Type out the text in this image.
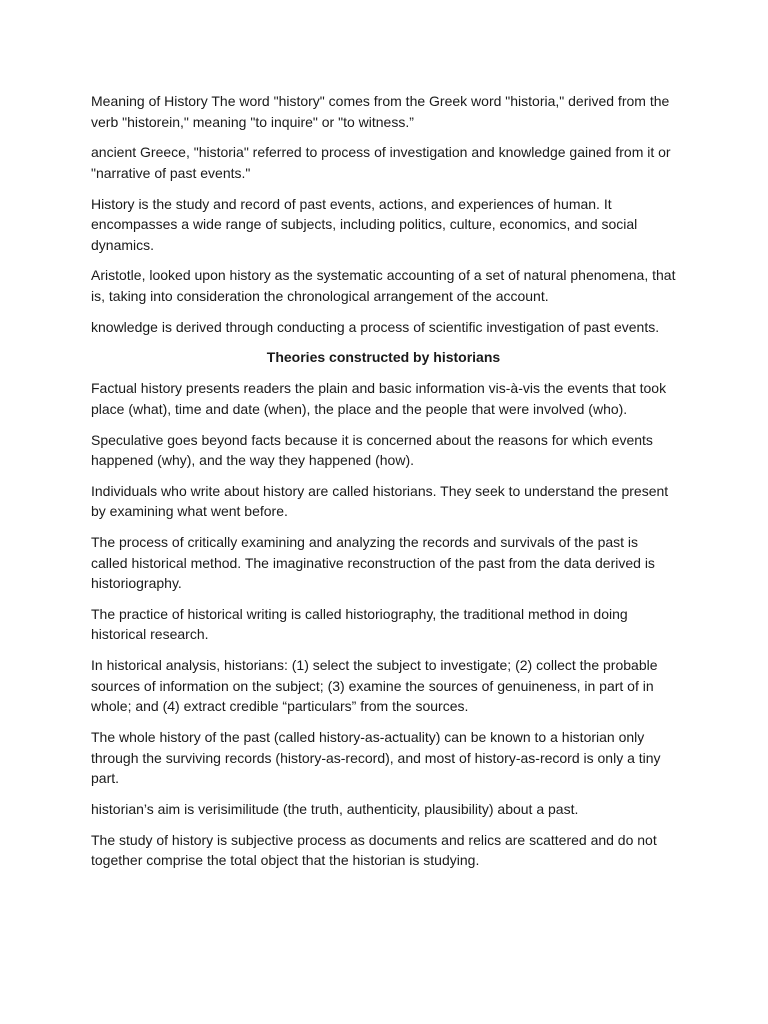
Meaning of History The word "history" comes from the Greek word "historia," derived from the verb "historein," meaning "to inquire" or "to witness.”

ancient Greece, "historia" referred to process of investigation and knowledge gained from it or "narrative of past events."

History is the study and record of past events, actions, and experiences of human. It encompasses a wide range of subjects, including politics, culture, economics, and social dynamics.

Aristotle, looked upon history as the systematic accounting of a set of natural phenomena, that is, taking into consideration the chronological arrangement of the account.

knowledge is derived through conducting a process of scientific investigation of past events.

Theories constructed by historians

Factual history presents readers the plain and basic information vis-à-vis the events that took place (what), time and date (when), the place and the people that were involved (who).

Speculative goes beyond facts because it is concerned about the reasons for which events happened (why), and the way they happened (how).

Individuals who write about history are called historians. They seek to understand the present by examining what went before.

The process of critically examining and analyzing the records and survivals of the past is called historical method. The imaginative reconstruction of the past from the data derived is historiography.

The practice of historical writing is called historiography, the traditional method in doing historical research.

In historical analysis, historians: (1) select the subject to investigate; (2) collect the probable sources of information on the subject; (3) examine the sources of genuineness, in part of in whole; and (4) extract credible “particulars” from the sources.

The whole history of the past (called history-as-actuality) can be known to a historian only through the surviving records (history-as-record), and most of history-as-record is only a tiny part.

historian’s aim is verisimilitude (the truth, authenticity, plausibility) about a past.

The study of history is subjective process as documents and relics are scattered and do not together comprise the total object that the historian is studying.
